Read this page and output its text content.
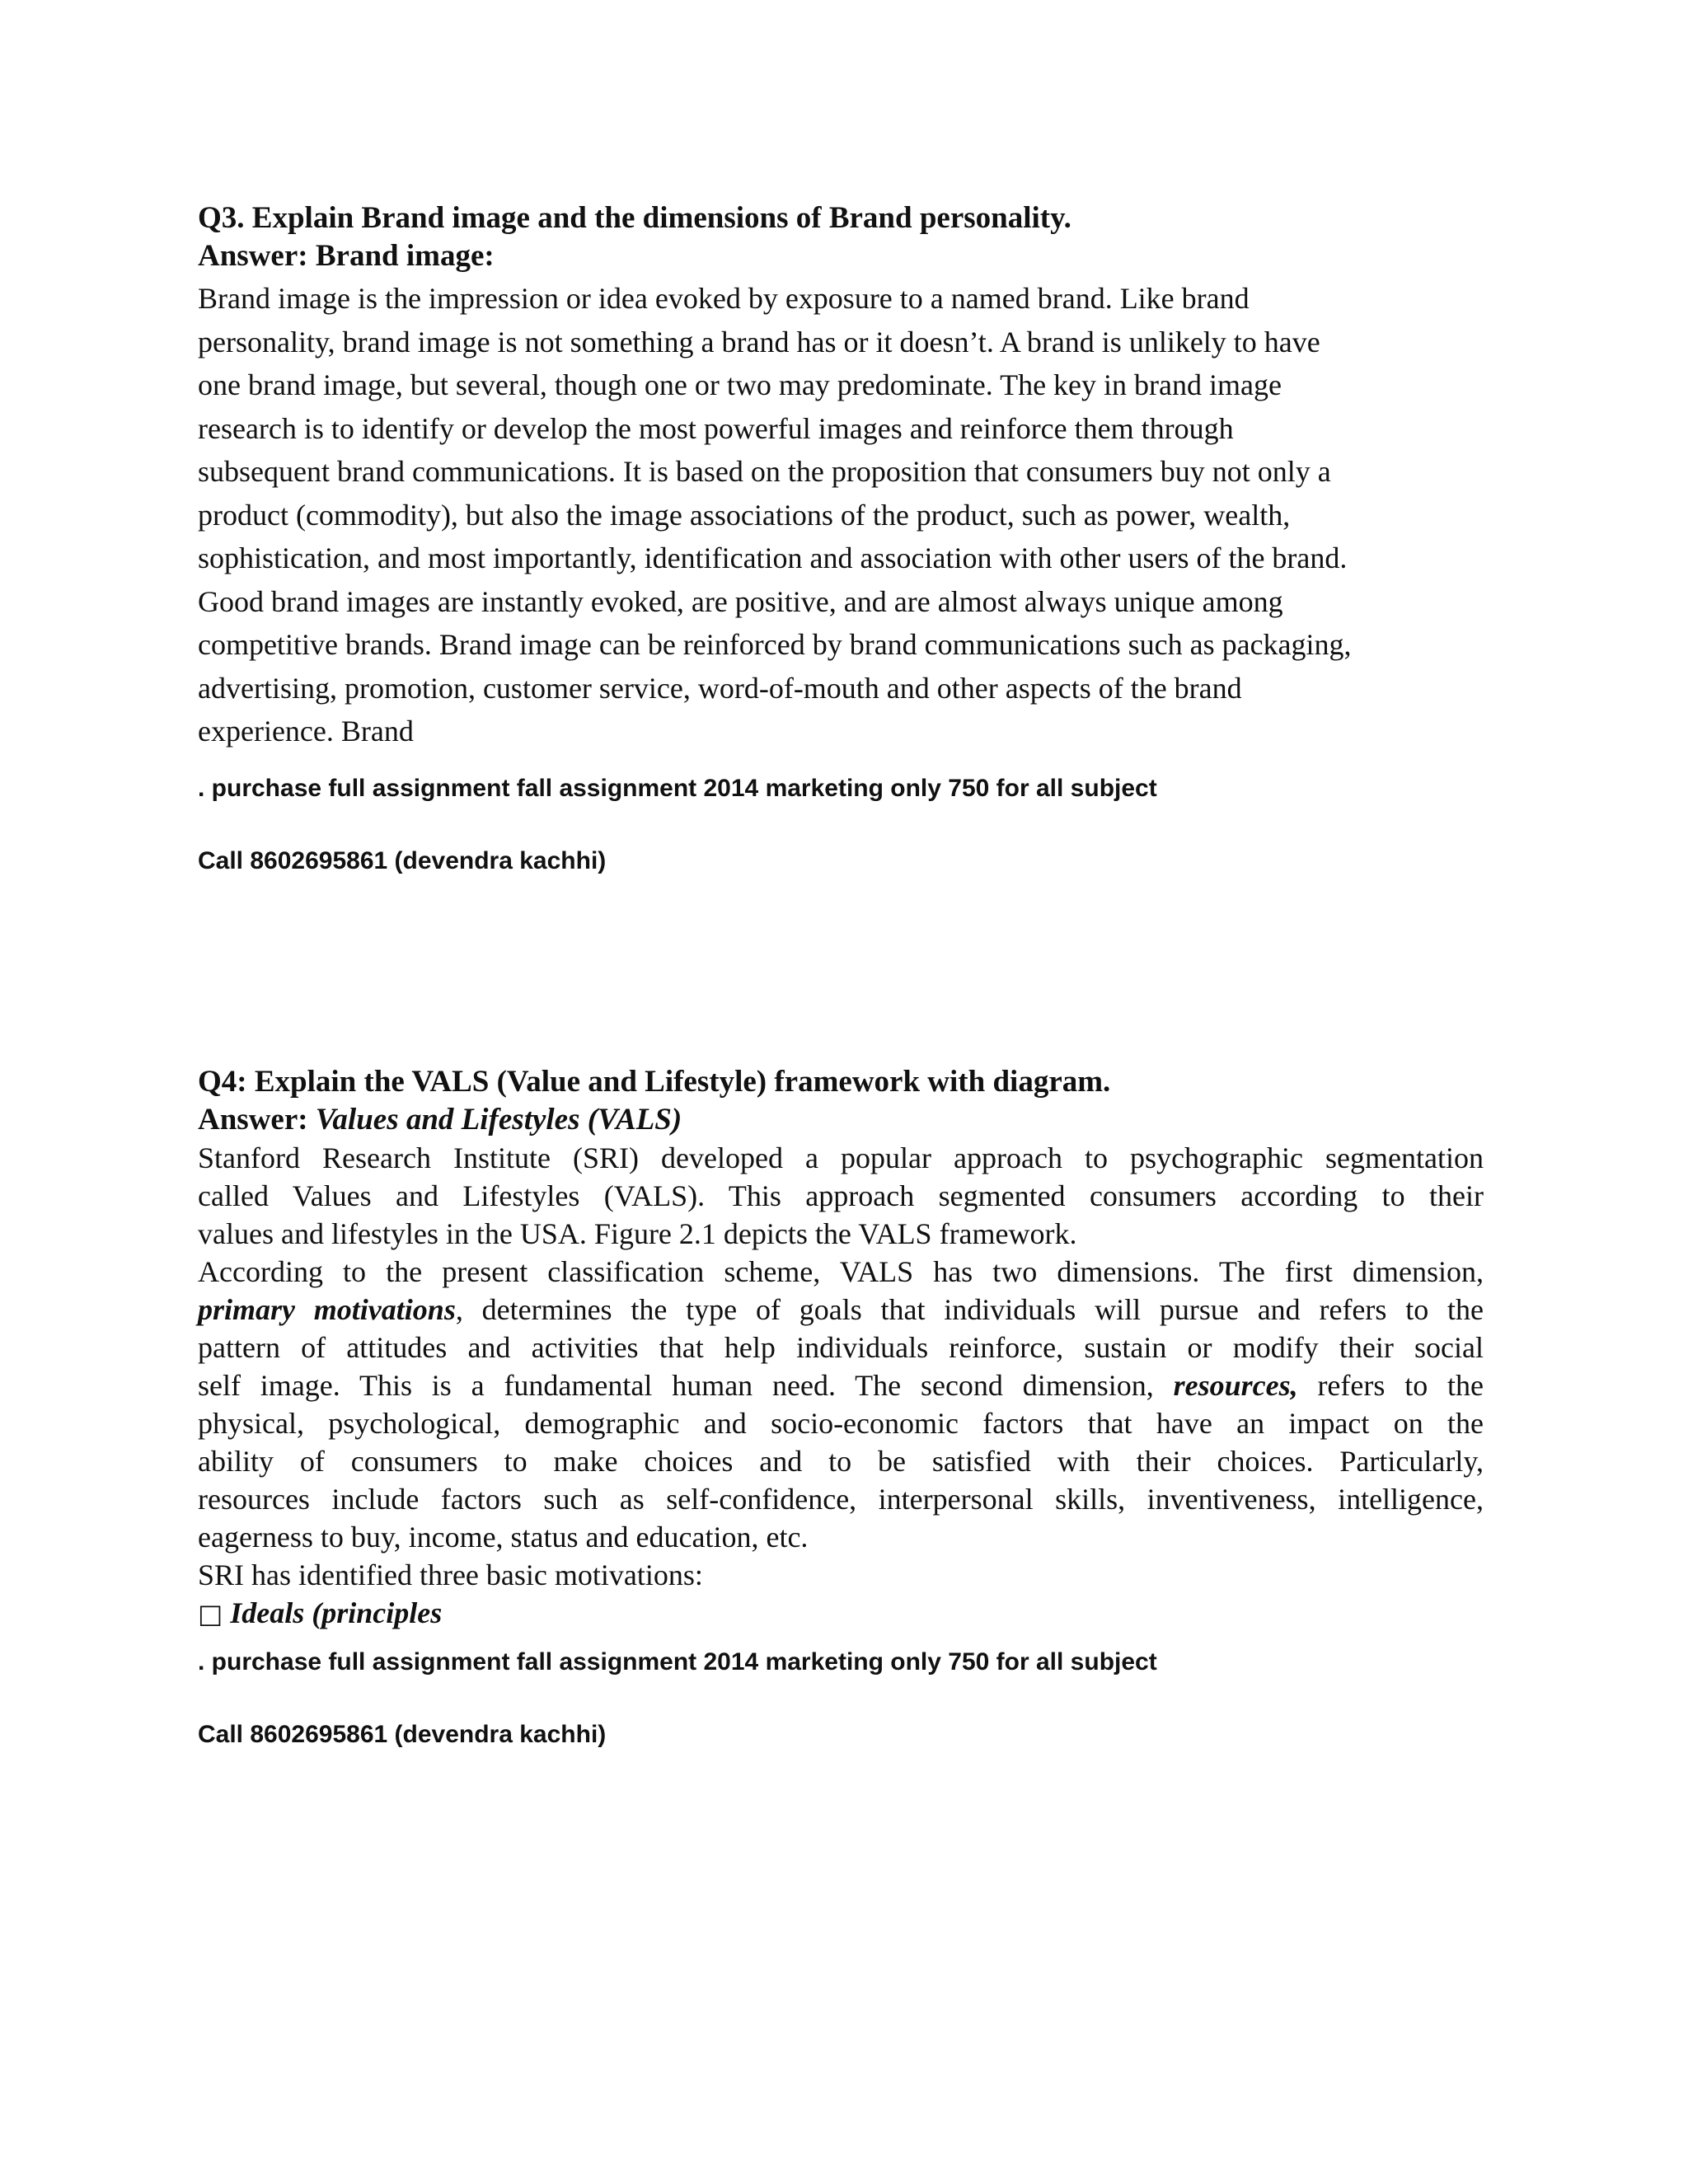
Q3. Explain Brand image and the dimensions of Brand personality.

Answer: Brand image:

Brand image is the impression or idea evoked by exposure to a named brand. Like brand
personality, brand image is not something a brand has or it doesn’t. A brand is unlikely to have
one brand image, but several, though one or two may predominate. The key in brand image
research is to identify or develop the most powerful images and reinforce them through
subsequent brand communications. It is based on the proposition that consumers buy not only a
product (commodity), but also the image associations of the product, such as power, wealth,
sophistication, and most importantly, identification and association with other users of the brand.
Good brand images are instantly evoked, are positive, and are almost always unique among
competitive brands. Brand image can be reinforced by brand communications such as packaging,
advertising, promotion, customer service, word-of-mouth and other aspects of the brand
experience. Brand
. purchase full assignment fall assignment 2014 marketing only 750 for all subject
Call 8602695861 (devendra kachhi)

Q4: Explain the VALS (Value and Lifestyle) framework with diagram.

Answer: Values and Lifestyles (VALS)

Stanford Research Institute (SRI) developed a popular approach to psychographic segmentation
called Values and Lifestyles (VALS). This approach segmented consumers according to their
values and lifestyles in the USA. Figure 2.1 depicts the VALS framework.
According to the present classification scheme, VALS has two dimensions. The first dimension,
primary motivations, determines the type of goals that individuals will pursue and refers to the
pattern of attitudes and activities that help individuals reinforce, sustain or modify their social
self image. This is a fundamental human need. The second dimension, resources, refers to the
physical, psychological, demographic and socio-economic factors that have an impact on the
ability of consumers to make choices and to be satisfied with their choices. Particularly,
resources include factors such as self-confidence, interpersonal skills, inventiveness, intelligence,
eagerness to buy, income, status and education, etc.
SRI has identified three basic motivations:
□ Ideals (principles
. purchase full assignment fall assignment 2014 marketing only 750 for all subject
Call 8602695861 (devendra kachhi)
